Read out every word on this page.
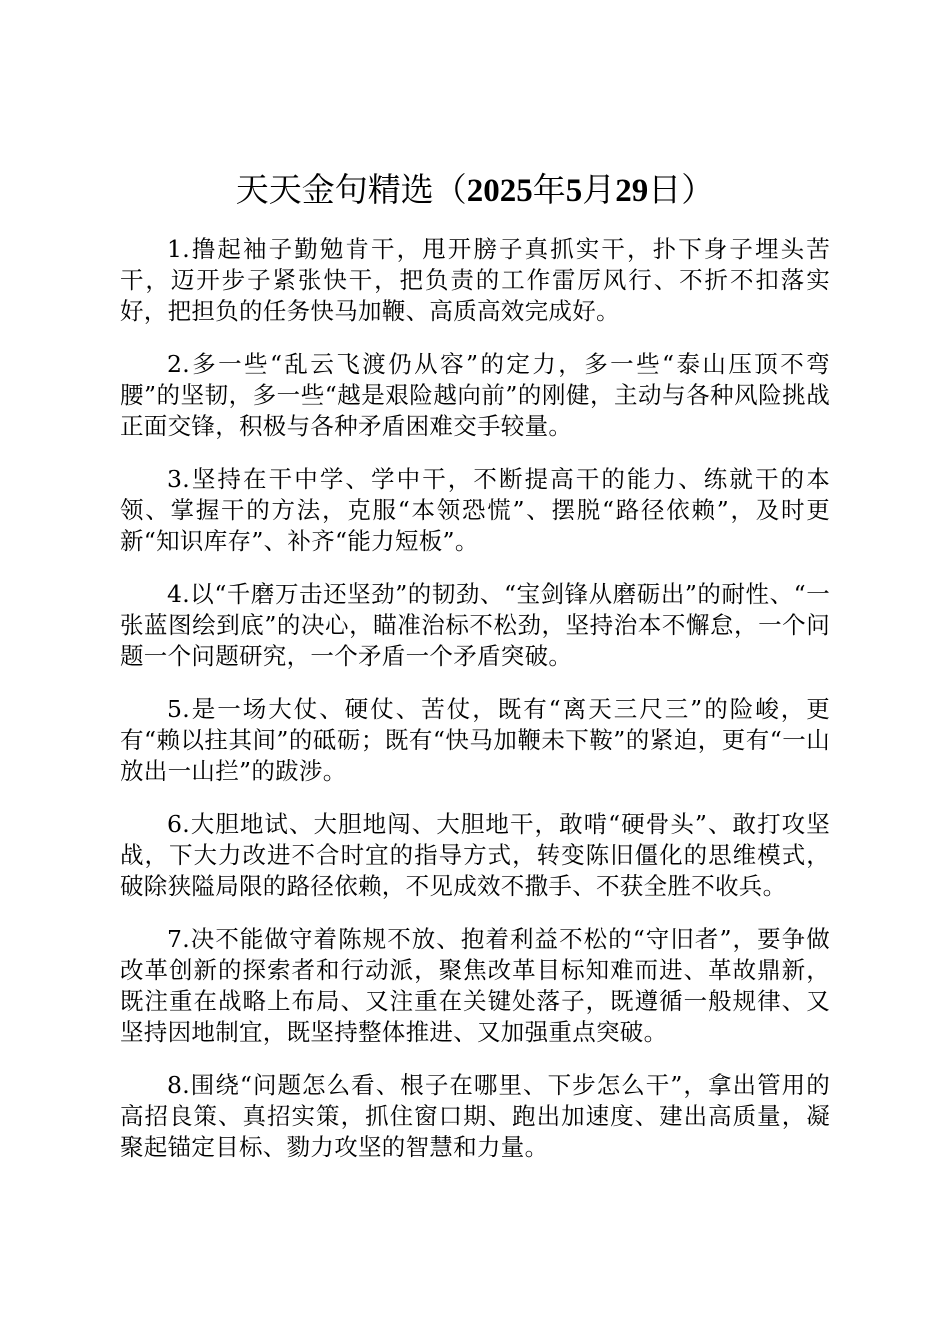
天天金句精选（2025年5月29日）

1.撸起袖子勤勉肯干，甩开膀子真抓实干，扑下身子埋头苦干，迈开步子紧张快干，把负责的工作雷厉风行、不折不扣落实好，把担负的任务快马加鞭、高质高效完成好。

2.多一些“乱云飞渡仍从容”的定力，多一些“泰山压顶不弯腰”的坚韧，多一些“越是艰险越向前”的刚健，主动与各种风险挑战正面交锋，积极与各种矛盾困难交手较量。

3.坚持在干中学、学中干，不断提高干的能力、练就干的本领、掌握干的方法，克服“本领恐慌”、摆脱“路径依赖”，及时更新“知识库存”、补齐“能力短板”。

4.以“千磨万击还坚劲”的韧劲、“宝剑锋从磨砺出”的耐性、“一张蓝图绘到底”的决心，瞄准治标不松劲，坚持治本不懈怠，一个问题一个问题研究，一个矛盾一个矛盾突破。

5.是一场大仗、硬仗、苦仗，既有“离天三尺三”的险峻，更有“赖以拄其间”的砥砺；既有“快马加鞭未下鞍”的紧迫，更有“一山放出一山拦”的跋涉。

6.大胆地试、大胆地闯、大胆地干，敢啃“硬骨头”、敢打攻坚战，下大力改进不合时宜的指导方式，转变陈旧僵化的思维模式，破除狭隘局限的路径依赖，不见成效不撒手、不获全胜不收兵。

7.决不能做守着陈规不放、抱着利益不松的“守旧者”，要争做改革创新的探索者和行动派，聚焦改革目标知难而进、革故鼎新，既注重在战略上布局、又注重在关键处落子，既遵循一般规律、又坚持因地制宜，既坚持整体推进、又加强重点突破。

8.围绕“问题怎么看、根子在哪里、下步怎么干”，拿出管用的高招良策、真招实策，抓住窗口期、跑出加速度、建出高质量，凝聚起锚定目标、勠力攻坚的智慧和力量。
